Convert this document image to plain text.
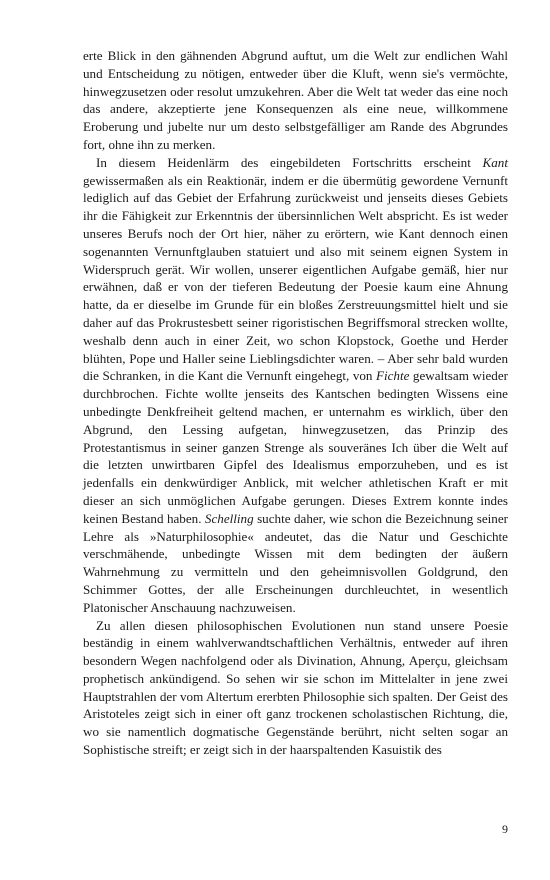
erte Blick in den gähnenden Abgrund auftut, um die Welt zur endlichen Wahl und Entscheidung zu nötigen, entweder über die Kluft, wenn sie's vermöchte, hinwegzusetzen oder resolut umzukehren. Aber die Welt tat weder das eine noch das andere, akzeptierte jene Konsequenzen als eine neue, willkommene Eroberung und jubelte nur um desto selbstgefälliger am Rande des Abgrundes fort, ohne ihn zu merken.

In diesem Heidenlärm des eingebildeten Fortschritts erscheint Kant gewissermaßen als ein Reaktionär, indem er die übermütig gewordene Vernunft lediglich auf das Gebiet der Erfahrung zurückweist und jenseits dieses Gebiets ihr die Fähigkeit zur Erkenntnis der übersinnlichen Welt abspricht. Es ist weder unseres Berufs noch der Ort hier, näher zu erörtern, wie Kant dennoch einen sogenannten Vernunftglauben statuiert und also mit seinem eignen System in Widerspruch gerät. Wir wollen, unserer eigentlichen Aufgabe gemäß, hier nur erwähnen, daß er von der tieferen Bedeutung der Poesie kaum eine Ahnung hatte, da er dieselbe im Grunde für ein bloßes Zerstreuungsmittel hielt und sie daher auf das Prokrustesbett seiner rigoristischen Begriffsmoral strecken wollte, weshalb denn auch in einer Zeit, wo schon Klopstock, Goethe und Herder blühten, Pope und Haller seine Lieblingsdichter waren. – Aber sehr bald wurden die Schranken, in die Kant die Vernunft eingehegt, von Fichte gewaltsam wieder durchbrochen. Fichte wollte jenseits des Kantschen bedingten Wissens eine unbedingte Denkfreiheit geltend machen, er unternahm es wirklich, über den Abgrund, den Lessing aufgetan, hinwegzusetzen, das Prinzip des Protestantismus in seiner ganzen Strenge als souveränes Ich über die Welt auf die letzten unwirtbaren Gipfel des Idealismus emporzuheben, und es ist jedenfalls ein denkwürdiger Anblick, mit welcher athletischen Kraft er mit dieser an sich unmöglichen Aufgabe gerungen. Dieses Extrem konnte indes keinen Bestand haben. Schelling suchte daher, wie schon die Bezeichnung seiner Lehre als »Naturphilosophie« andeutet, das die Natur und Geschichte verschmähende, unbedingte Wissen mit dem bedingten der äußern Wahrnehmung zu vermitteln und den geheimnisvollen Goldgrund, den Schimmer Gottes, der alle Erscheinungen durchleuchtet, in wesentlich Platonischer Anschauung nachzuweisen.

Zu allen diesen philosophischen Evolutionen nun stand unsere Poesie beständig in einem wahlverwandtschaftlichen Verhältnis, entweder auf ihren besondern Wegen nachfolgend oder als Divination, Ahnung, Aperçu, gleichsam prophetisch ankündigend. So sehen wir sie schon im Mittelalter in jene zwei Hauptstrahlen der vom Altertum ererbten Philosophie sich spalten. Der Geist des Aristoteles zeigt sich in einer oft ganz trockenen scholastischen Richtung, die, wo sie namentlich dogmatische Gegenstände berührt, nicht selten sogar an Sophistische streift; er zeigt sich in der haarspaltenden Kasuistik des

9
